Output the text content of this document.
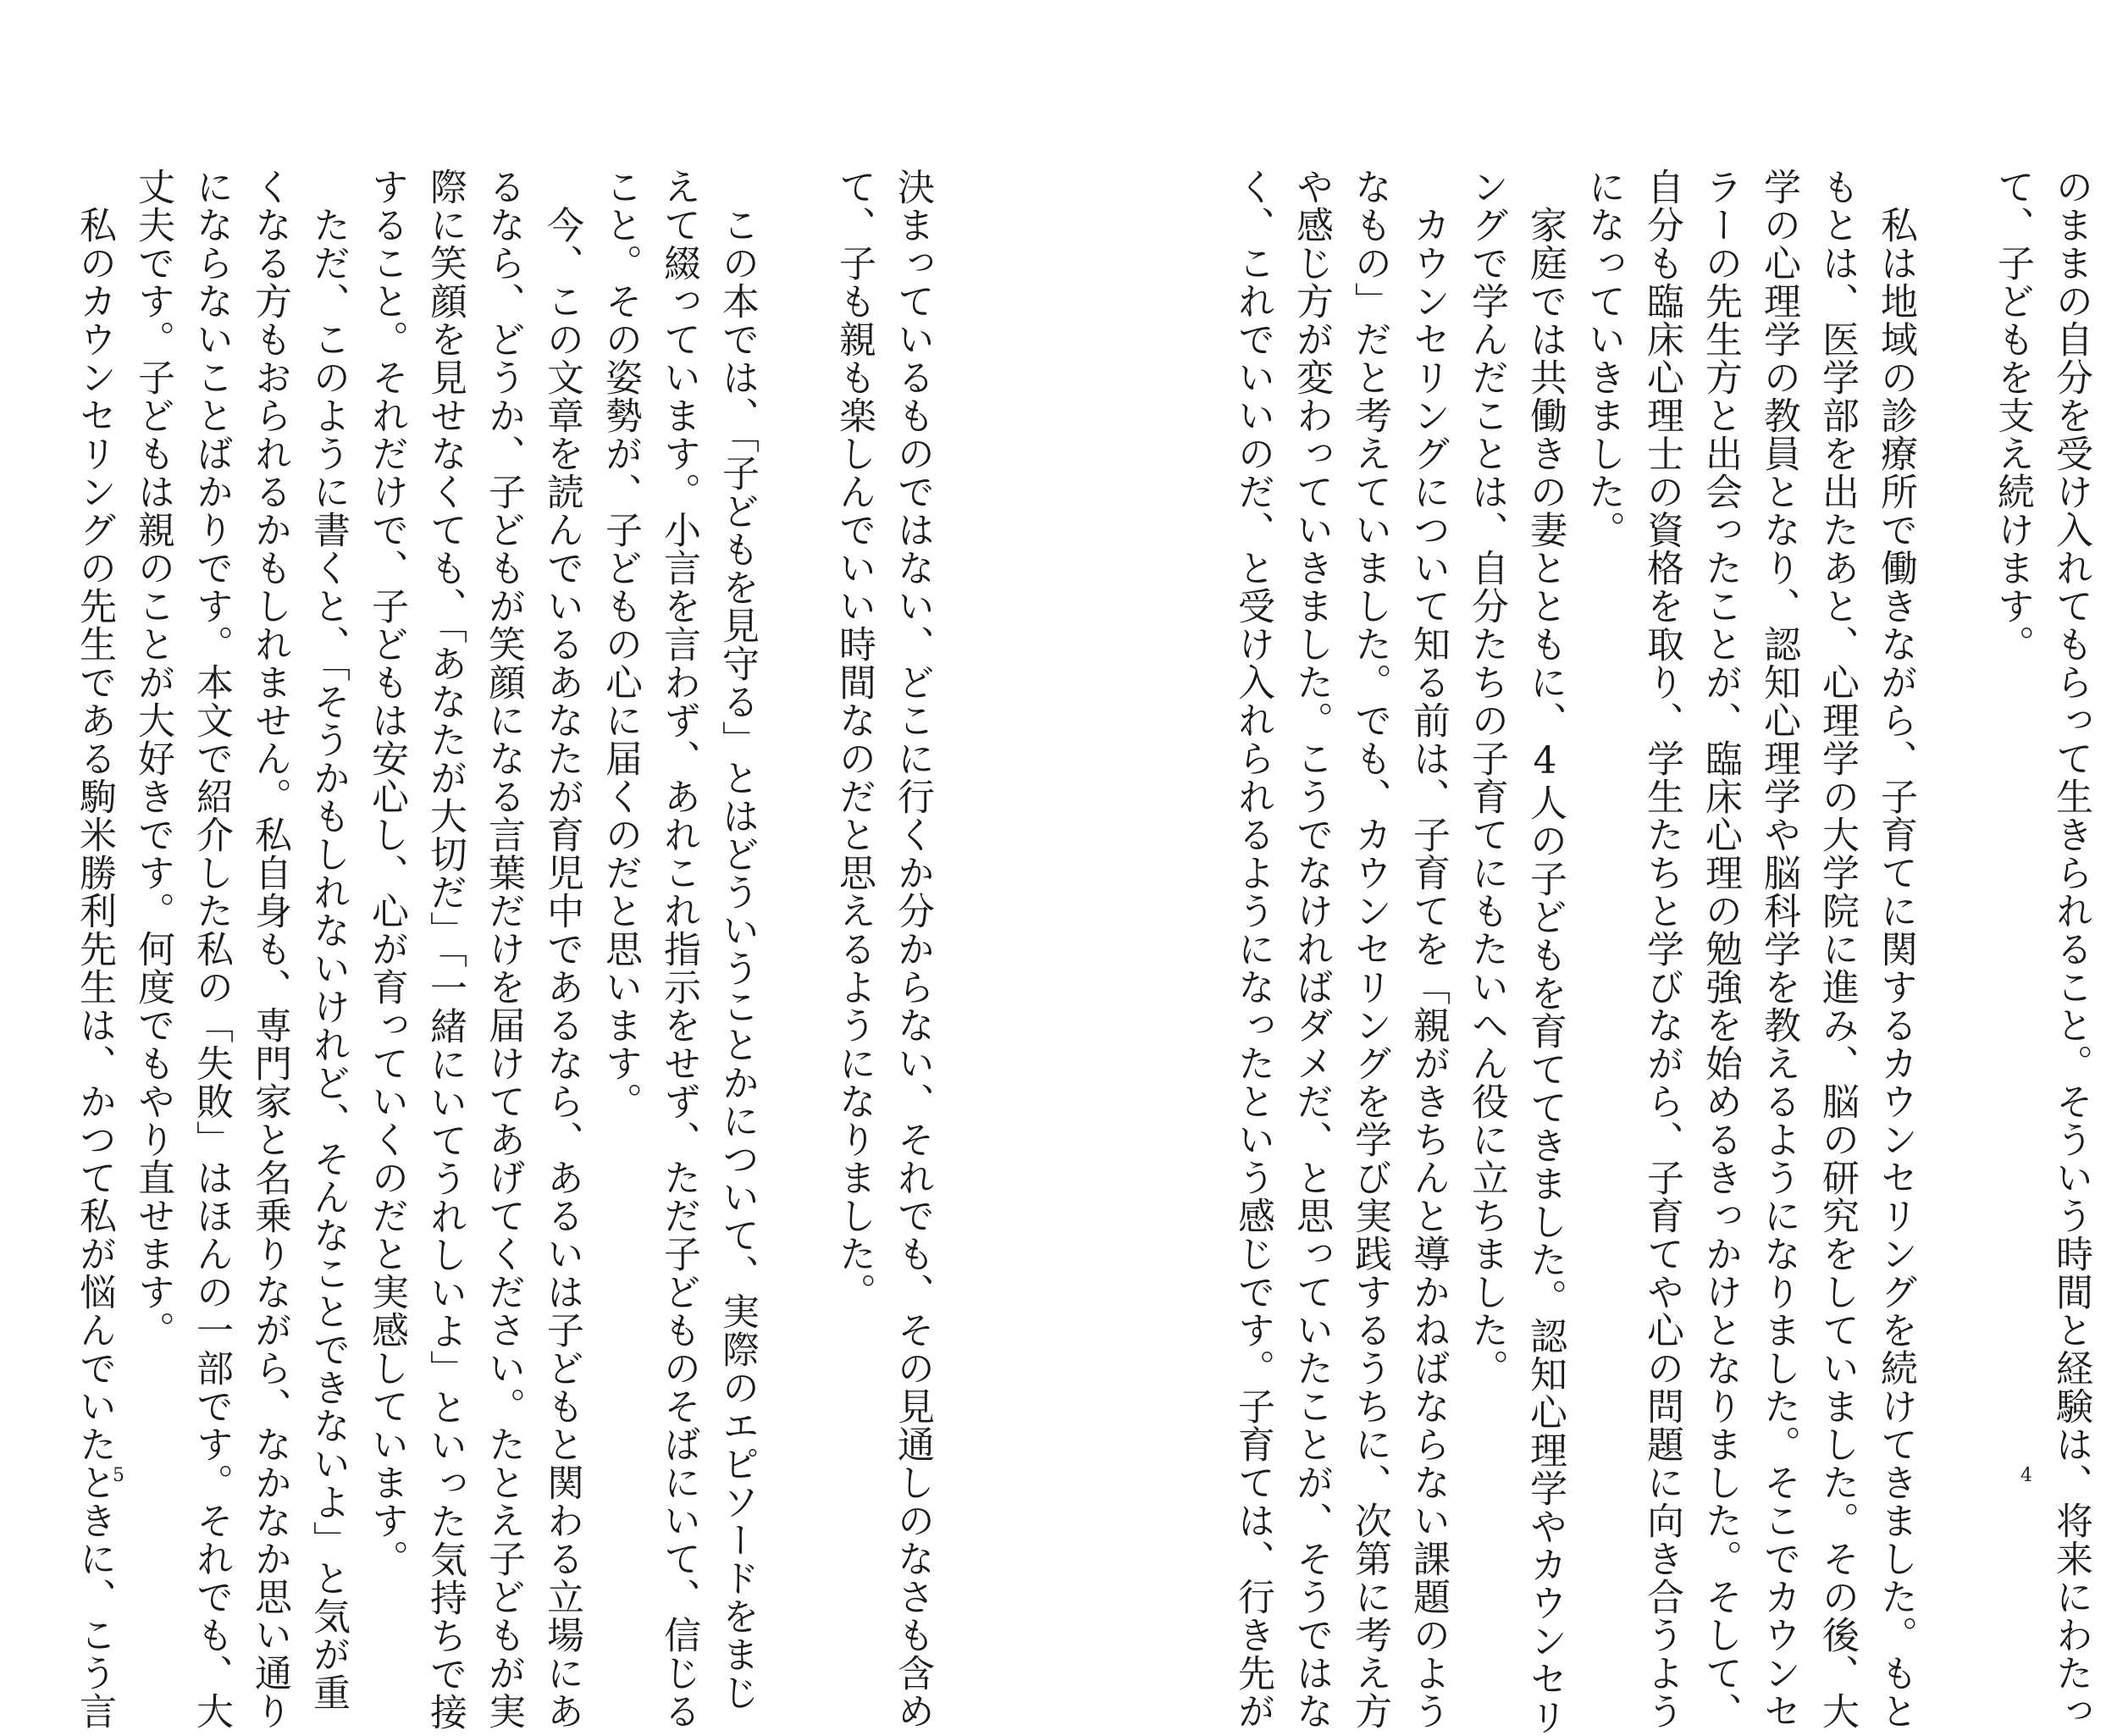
のままの自分を受け入れてもらって生きられること。そういう時間と経験は、将来にわたっ

て、子どもを支え続けます。

　私は地域の診療所で働きながら、子育てに関するカウンセリングを続けてきました。もと

もとは、医学部を出たあと、心理学の大学院に進み、脳の研究をしていました。その後、大

学の心理学の教員となり、認知心理学や脳科学を教えるようになりました。そこでカウンセ

ラーの先生方と出会ったことが、臨床心理の勉強を始めるきっかけとなりました。そして、

自分も臨床心理士の資格を取り、学生たちと学びながら、子育てや心の問題に向き合うよう

になっていきました。

　家庭では共働きの妻とともに、4人の子どもを育ててきました。認知心理学やカウンセリ

ングで学んだことは、自分たちの子育てにもたいへん役に立ちました。

　カウンセリングについて知る前は、子育てを「親がきちんと導かねばならない課題のよう

なもの」だと考えていました。でも、カウンセリングを学び実践するうちに、次第に考え方

や感じ方が変わっていきました。こうでなければダメだ、と思っていたことが、そうではな

く、これでいいのだ、と受け入れられるようになったという感じです。子育ては、行き先が	4

決まっているものではない、どこに行くか分からない、それでも、その見通しのなさも含め

て、子も親も楽しんでいい時間なのだと思えるようになりました。

　この本では、「子どもを見守る」とはどういうことかについて、実際のエピソードをまじ

えて綴っています。小言を言わず、あれこれ指示をせず、ただ子どものそばにいて、信じる

こと。その姿勢が、子どもの心に届くのだと思います。

　今、この文章を読んでいるあなたが育児中であるなら、あるいは子どもと関わる立場にあ

るなら、どうか、子どもが笑顔になる言葉だけを届けてあげてください。たとえ子どもが実

際に笑顔を見せなくても、「あなたが大切だ」「一緒にいてうれしいよ」といった気持ちで接

すること。それだけで、子どもは安心し、心が育っていくのだと実感しています。

　ただ、このように書くと、「そうかもしれないけれど、そんなことできないよ」と気が重

くなる方もおられるかもしれません。私自身も、専門家と名乗りながら、なかなか思い通り

にならないことばかりです。本文で紹介した私の「失敗」はほんの一部です。それでも、大

丈夫です。子どもは親のことが大好きです。何度でもやり直せます。

　私のカウンセリングの先生である駒米勝利先生は、かつて私が悩んでいたときに、こう言

5
